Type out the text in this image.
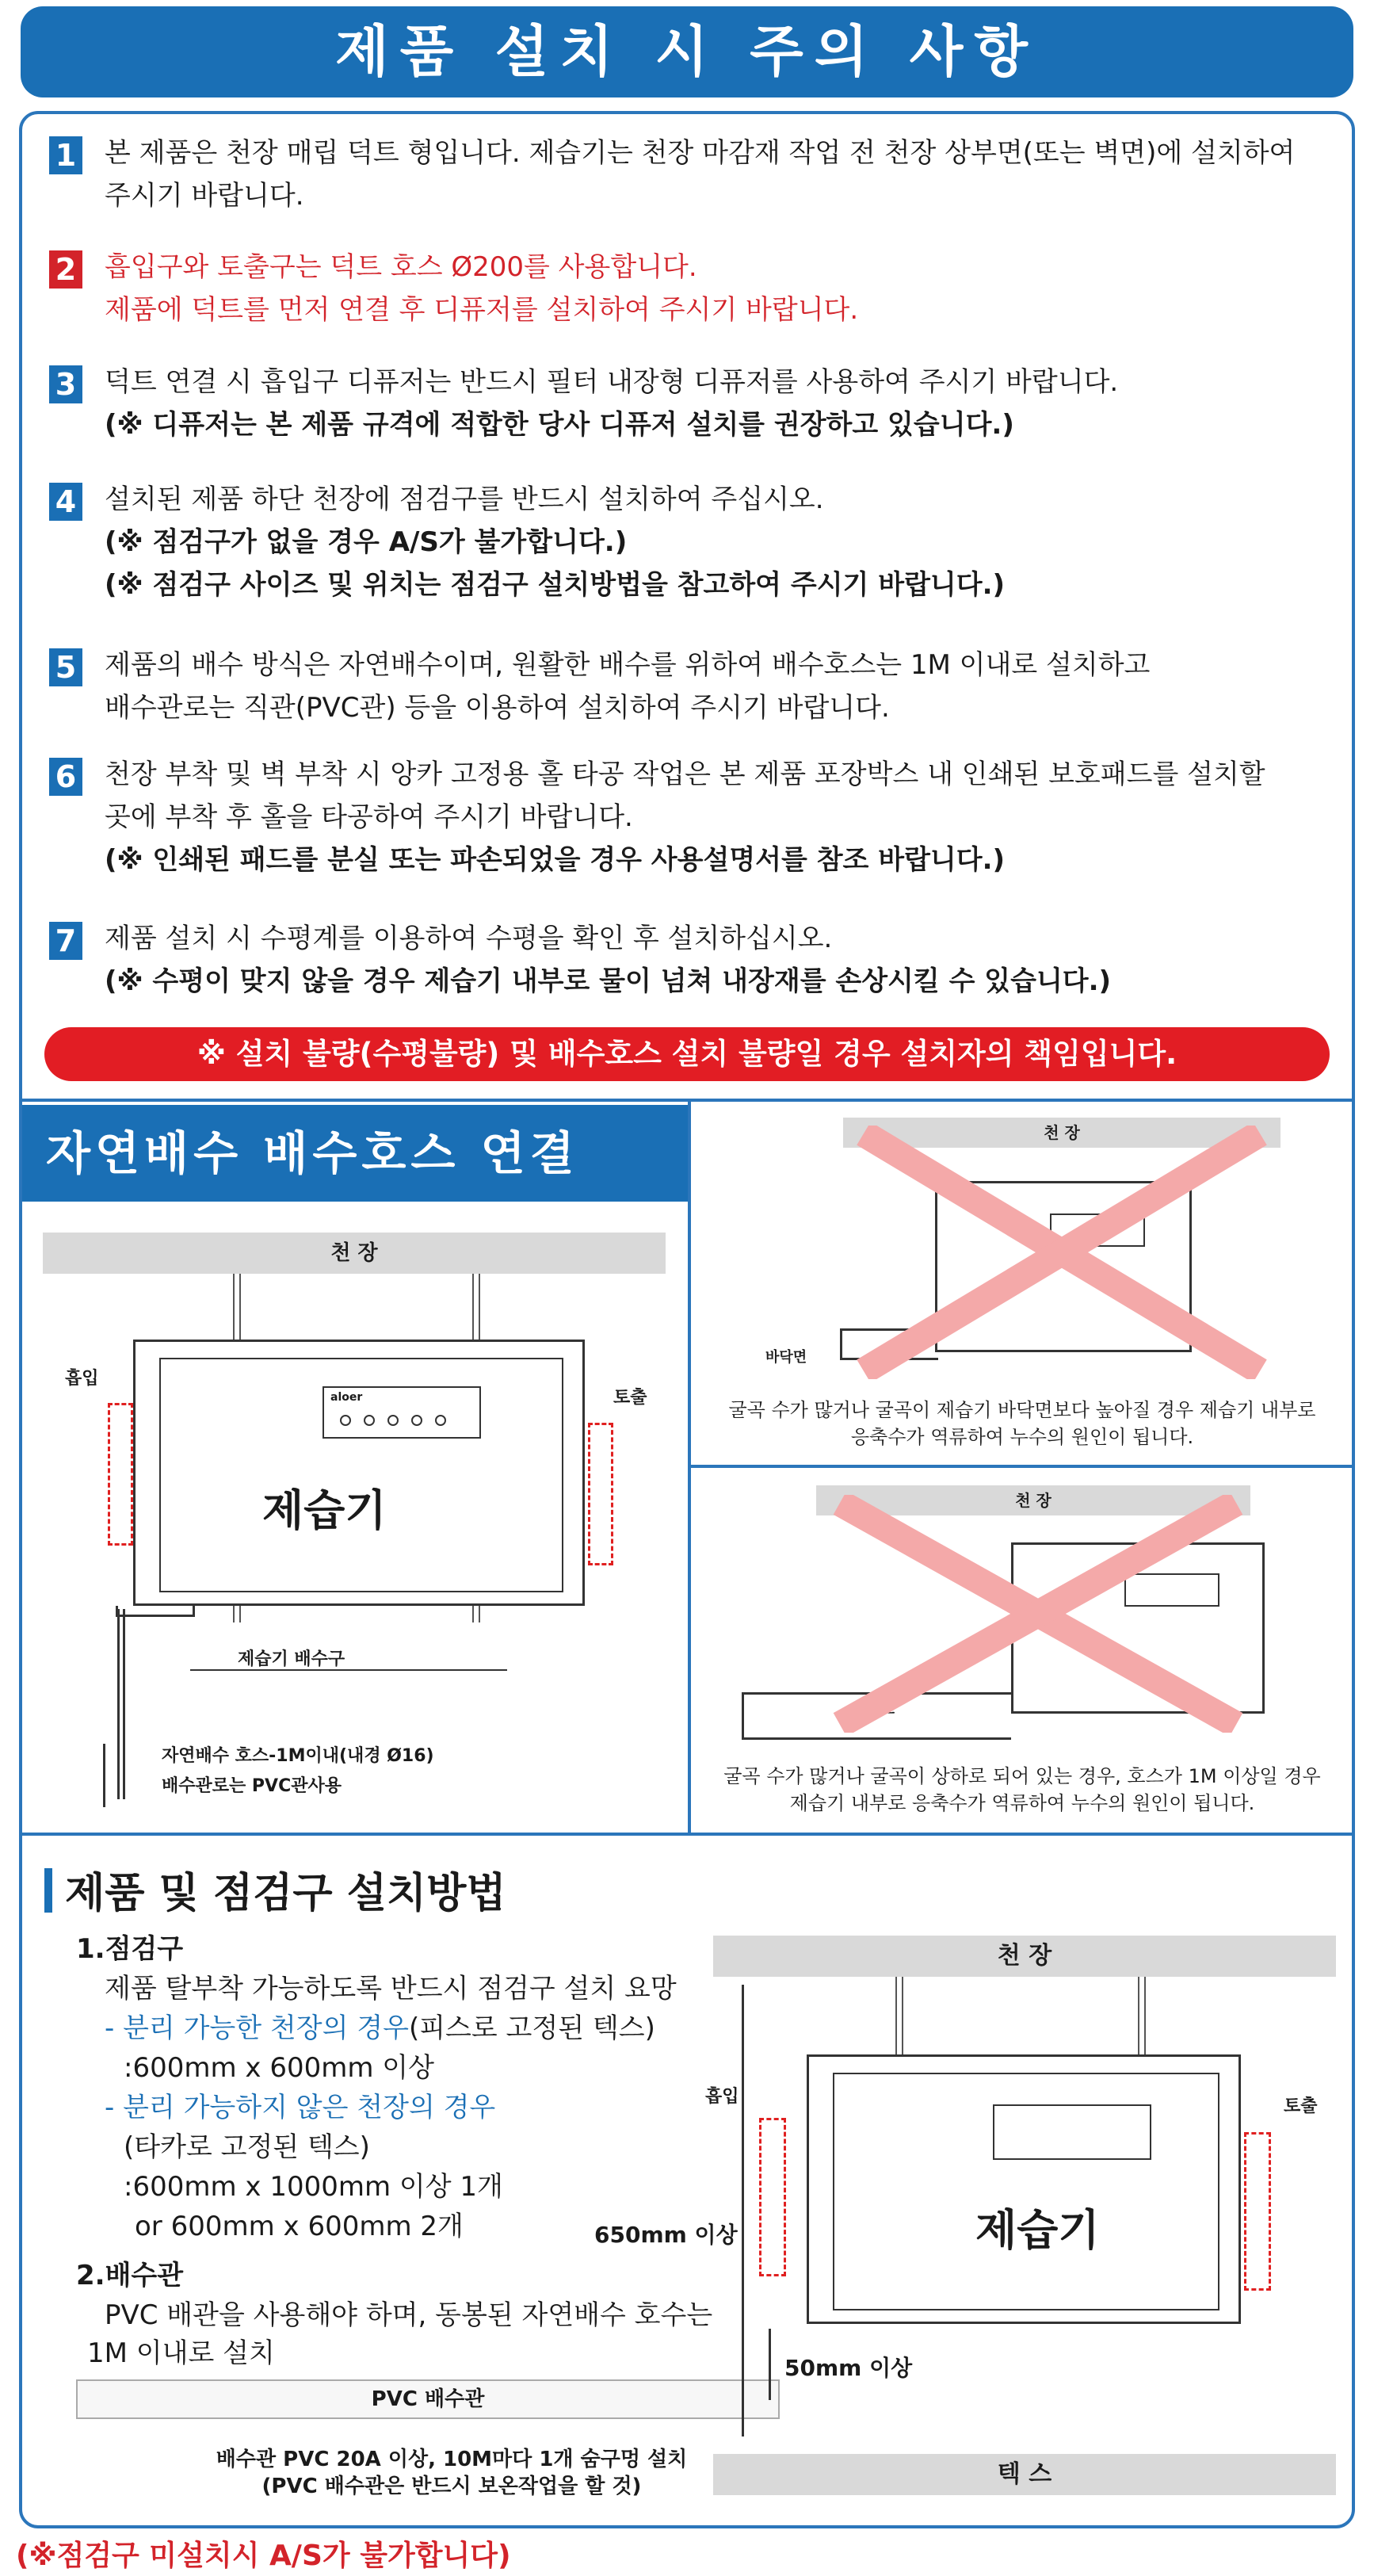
제품 설치 시 주의 사항
1 본 제품은 천장 매립 덕트 형입니다. 제습기는 천장 마감재 작업 전 천장 상부면(또는 벽면)에 설치하여

주시기 바랍니다.

2 흡입구와 토출구는 덕트 호스 Ø200를 사용합니다.

제품에 덕트를 먼저 연결 후 디퓨저를 설치하여 주시기 바랍니다.

3 덕트 연결 시 흡입구 디퓨저는 반드시 필터 내장형 디퓨저를 사용하여 주시기 바랍니다.

(※ 디퓨저는 본 제품 규격에 적합한 당사 디퓨저 설치를 권장하고 있습니다.)

4 설치된 제품 하단 천장에 점검구를 반드시 설치하여 주십시오.

(※ 점검구가 없을 경우 A/S가 불가합니다.)

(※ 점검구 사이즈 및 위치는 점검구 설치방법을 참고하여 주시기 바랍니다.)

5 제품의 배수 방식은 자연배수이며, 원활한 배수를 위하여 배수호스는 1M 이내로 설치하고

배수관로는 직관(PVC관) 등을 이용하여 설치하여 주시기 바랍니다.

6 천장 부착 및 벽 부착 시 앙카 고정용 홀 타공 작업은 본 제품 포장박스 내 인쇄된 보호패드를 설치할

곳에 부착 후 홀을 타공하여 주시기 바랍니다.

(※ 인쇄된 패드를 분실 또는 파손되었을 경우 사용설명서를 참조 바랍니다.)

7 제품 설치 시 수평계를 이용하여 수평을 확인 후 설치하십시오.

(※ 수평이 맞지 않을 경우 제습기 내부로 물이 넘쳐 내장재를 손상시킬 수 있습니다.)

※ 설치 불량(수평불량) 및 배수호스 설치 불량일 경우 설치자의 책임입니다.
자연배수 배수호스 연결
천 장
흡입
토출
aloer
제습기
제습기 배수구
자연배수 호스-1M이내(내경 Ø16)
배수관로는 PVC관사용
천 장
바닥면
굴곡 수가 많거나 굴곡이 제습기 바닥면보다 높아질 경우 제습기 내부로
응축수가 역류하여 누수의 원인이 됩니다.
천 장
굴곡 수가 많거나 굴곡이 상하로 되어 있는 경우, 호스가 1M 이상일 경우
제습기 내부로 응축수가 역류하여 누수의 원인이 됩니다.
제품 및 점검구 설치방법
1.점검구
제품 탈부착 가능하도록 반드시 점검구 설치 요망
- 분리 가능한 천장의 경우(피스로 고정된 텍스)
:600mm x 600mm 이상
- 분리 가능하지 않은 천장의 경우
(타카로 고정된 텍스)
:600mm x 1000mm 이상 1개
or 600mm x 600mm 2개
2.배수관
PVC 배관을 사용해야 하며, 동봉된 자연배수 호수는
1M 이내로 설치
PVC 배수관
배수관 PVC 20A 이상, 10M마다 1개 숨구멍 설치
(PVC 배수관은 반드시 보온작업을 할 것)
천 장
흡입	토출
제습기
650mm 이상
50mm 이상
텍 스
(※점검구 미설치시 A/S가 불가합니다)
